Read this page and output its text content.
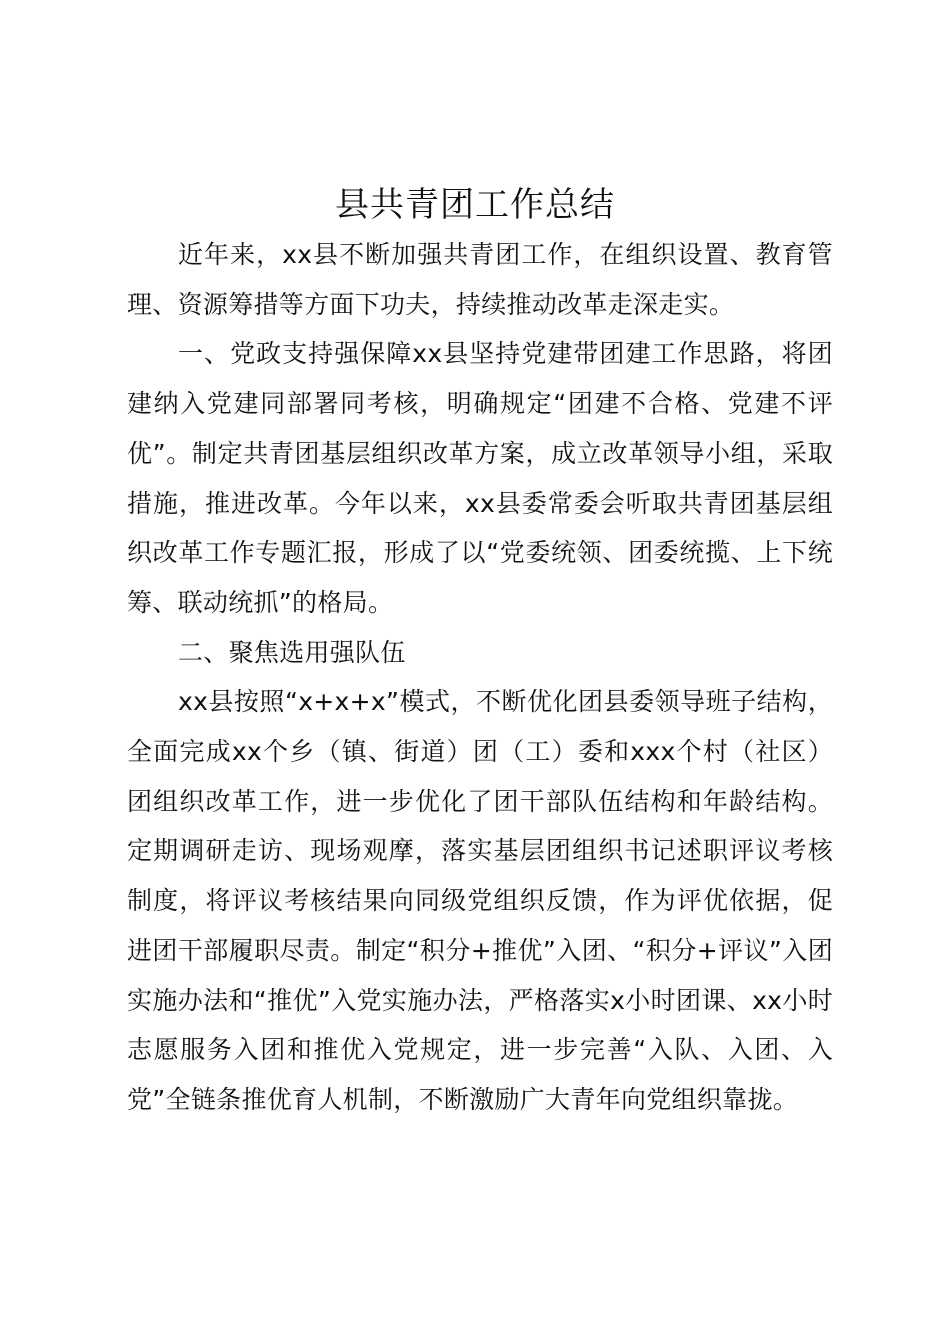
县共青团工作总结

近年来，xx县不断加强共青团工作，在组织设置、教育管理、资源筹措等方面下功夫，持续推动改革走深走实。

一、党政支持强保障xx县坚持党建带团建工作思路，将团建纳入党建同部署同考核，明确规定“团建不合格、党建不评优”。制定共青团基层组织改革方案，成立改革领导小组，采取措施，推进改革。今年以来，xx县委常委会听取共青团基层组织改革工作专题汇报，形成了以“党委统领、团委统揽、上下统筹、联动统抓”的格局。

二、聚焦选用强队伍

xx县按照“x+x+x”模式，不断优化团县委领导班子结构，全面完成xx个乡（镇、街道）团（工）委和xxx个村（社区）团组织改革工作，进一步优化了团干部队伍结构和年龄结构。定期调研走访、现场观摩，落实基层团组织书记述职评议考核制度，将评议考核结果向同级党组织反馈，作为评优依据，促进团干部履职尽责。制定“积分+推优”入团、“积分+评议”入团实施办法和“推优”入党实施办法，严格落实x小时团课、xx小时志愿服务入团和推优入党规定，进一步完善“入队、入团、入党”全链条推优育人机制，不断激励广大青年向党组织靠拢。
